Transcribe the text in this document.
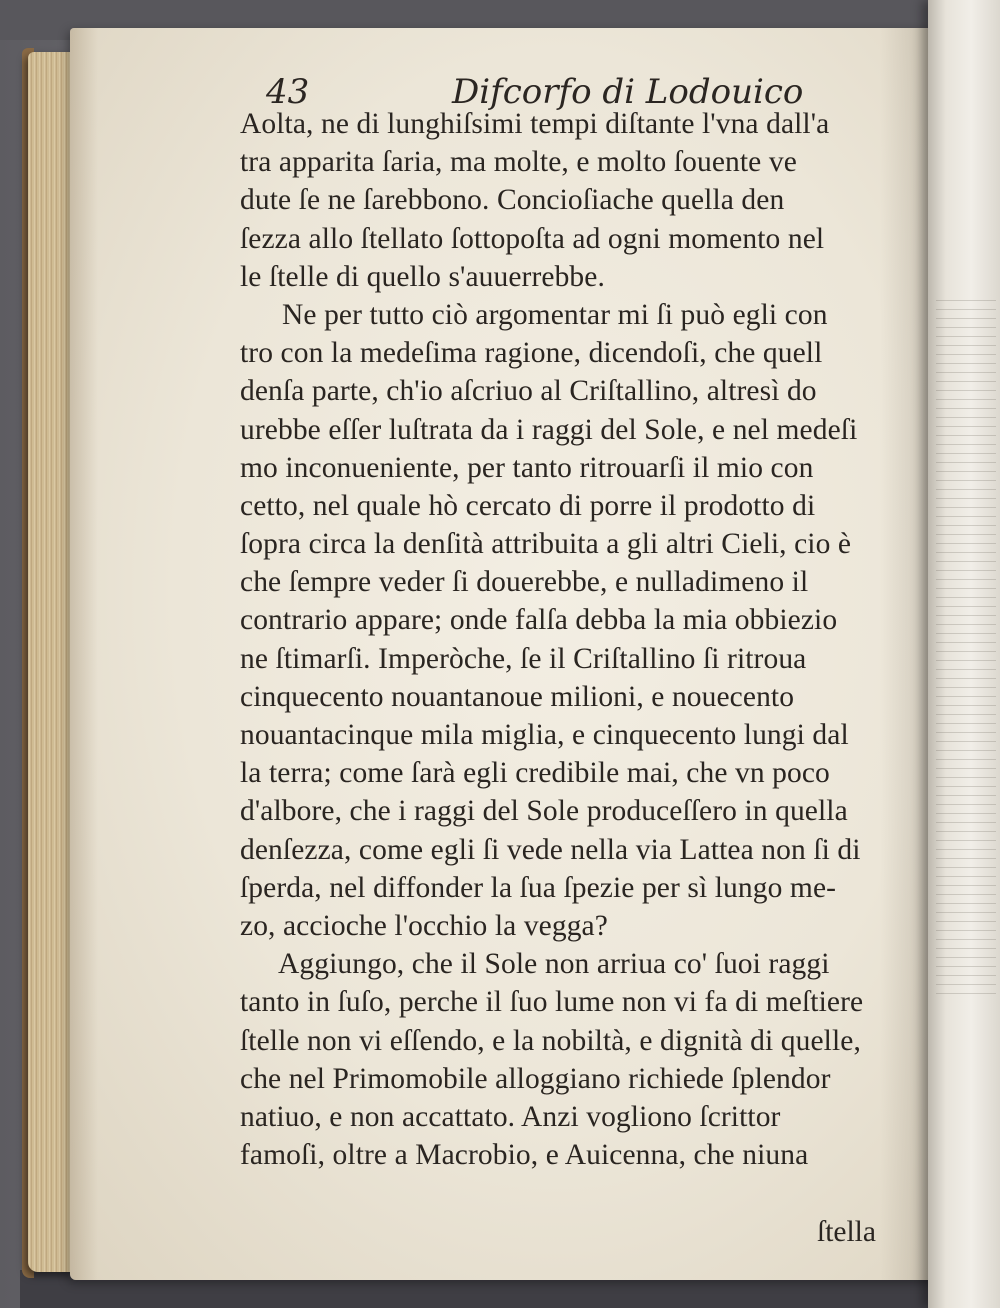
43	Difcorfo di Lodouico
Aolta, ne di lunghiſsimi tempi diſtante l'vna dall'a
tra apparita ſaria, ma molte, e molto ſouente ve
dute ſe ne ſarebbono. Concioſiache quella den
ſezza allo ſtellato ſottopoſta ad ogni momento nel
le ſtelle di quello s'auuerrebbe.
Ne per tutto ciò argomentar mi ſi può egli con
tro con la medeſima ragione, dicendoſi, che quell
denſa parte, ch'io aſcriuo al Criſtallino, altresì do
urebbe eſſer luſtrata da i raggi del Sole, e nel medeſi
mo inconueniente, per tanto ritrouarſi il mio con
cetto, nel quale hò cercato di porre il prodotto di
ſopra circa la denſità attribuita a gli altri Cieli, cio è
che ſempre veder ſi douerebbe, e nulladimeno il
contrario appare; onde falſa debba la mia obbiezio
ne ſtimarſi. Imperòche, ſe il Criſtallino ſi ritroua
cinquecento nouantanoue milioni, e nouecento
nouantacinque mila miglia, e cinquecento lungi dal
la terra; come ſarà egli credibile mai, che vn poco
d'albore, che i raggi del Sole produceſſero in quella
denſezza, come egli ſi vede nella via Lattea non ſi di
ſperda, nel diffonder la ſua ſpezie per sì lungo me-
zo, accioche l'occhio la vegga?
Aggiungo, che il Sole non arriua co' ſuoi raggi
tanto in ſuſo, perche il ſuo lume non vi fa di meſtiere
ſtelle non vi eſſendo, e la nobiltà, e dignità di quelle,
che nel Primomobile alloggiano richiede ſplendor
natiuo, e non accattato. Anzi vogliono ſcrittor
famoſi, oltre a Macrobio, e Auicenna, che niuna
ſtella
